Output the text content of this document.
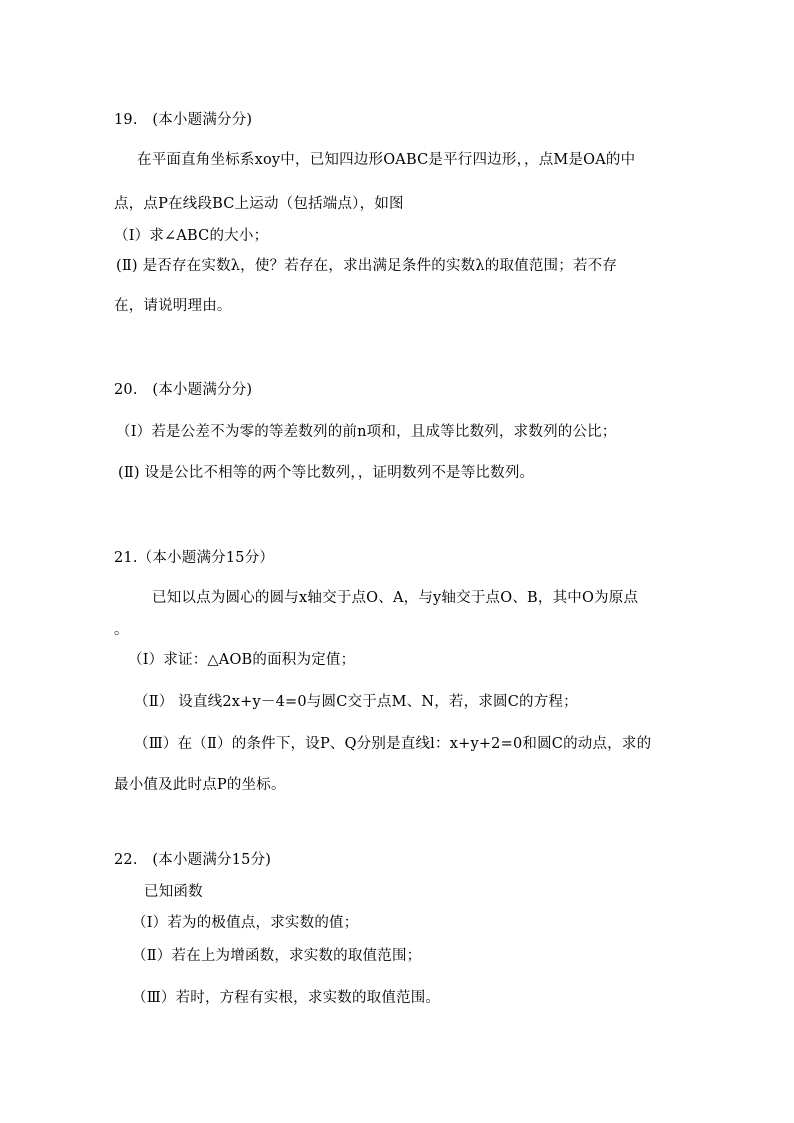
19.　(本小题满分分)
在平面直角坐标系xoy中，已知四边形OABC是平行四边形，，点M是OA的中
点，点P在线段BC上运动（包括端点），如图
（Ⅰ）求∠ABC的大小；
(Ⅱ) 是否存在实数λ，使？若存在，求出满足条件的实数λ的取值范围；若不存
在，请说明理由。
20.　(本小题满分分)
（Ⅰ）若是公差不为零的等差数列的前n项和，且成等比数列，求数列的公比；
(Ⅱ) 设是公比不相等的两个等比数列，，证明数列不是等比数列。
21.（本小题满分15分）
已知以点为圆心的圆与x轴交于点O、A，与y轴交于点O、B，其中O为原点
。
（Ⅰ）求证：△AOB的面积为定值；
（Ⅱ） 设直线2x+y－4=0与圆C交于点M、N，若，求圆C的方程；
（Ⅲ）在（Ⅱ）的条件下，设P、Q分别是直线l：x+y+2=0和圆C的动点，求的
最小值及此时点P的坐标。
22.　(本小题满分15分)
已知函数
（Ⅰ）若为的极值点，求实数的值；
（Ⅱ）若在上为增函数，求实数的取值范围；
（Ⅲ）若时，方程有实根，求实数的取值范围。
